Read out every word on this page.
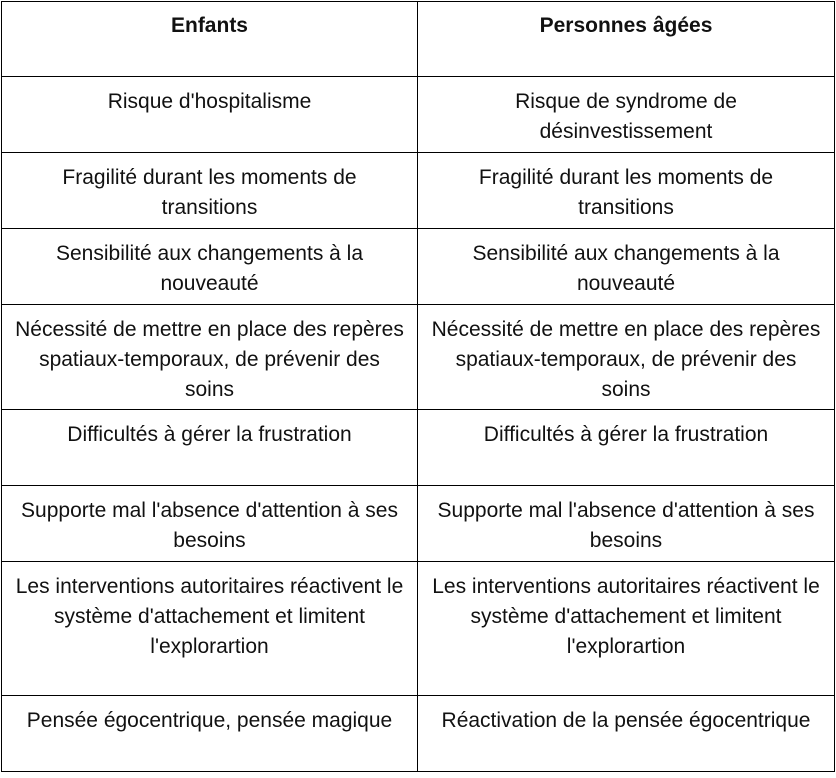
Enfants	Personnes âgées
Risque d'hospitalisme	Risque de syndrome de désinvestissement
Fragilité durant les moments de transitions	Fragilité durant les moments de transitions
Sensibilité aux changements à la nouveauté	Sensibilité aux changements à la nouveauté
Nécessité de mettre en place des repères spatiaux-temporaux, de prévenir des soins	Nécessité de mettre en place des repères spatiaux-temporaux, de prévenir des soins
Difficultés à gérer la frustration	Difficultés à gérer la frustration
Supporte mal l'absence d'attention à ses besoins	Supporte mal l'absence d'attention à ses besoins
Les interventions autoritaires réactivent le système d'attachement et limitent l'explorartion	Les interventions autoritaires réactivent le système d'attachement et limitent l'explorartion
Pensée égocentrique, pensée magique	Réactivation de la pensée égocentrique
